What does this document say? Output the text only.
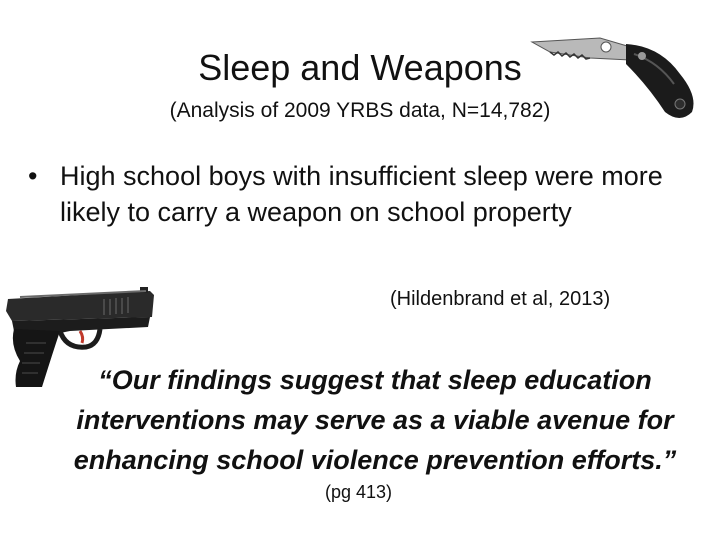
Sleep and Weapons
(Analysis of 2009 YRBS data, N=14,782)
• High school boys with insufficient sleep were more likely to carry a weapon on school property
(Hildenbrand et al, 2013)
“Our findings suggest that sleep education interventions may serve as a viable avenue for enhancing school violence prevention efforts.”
(pg 413)
